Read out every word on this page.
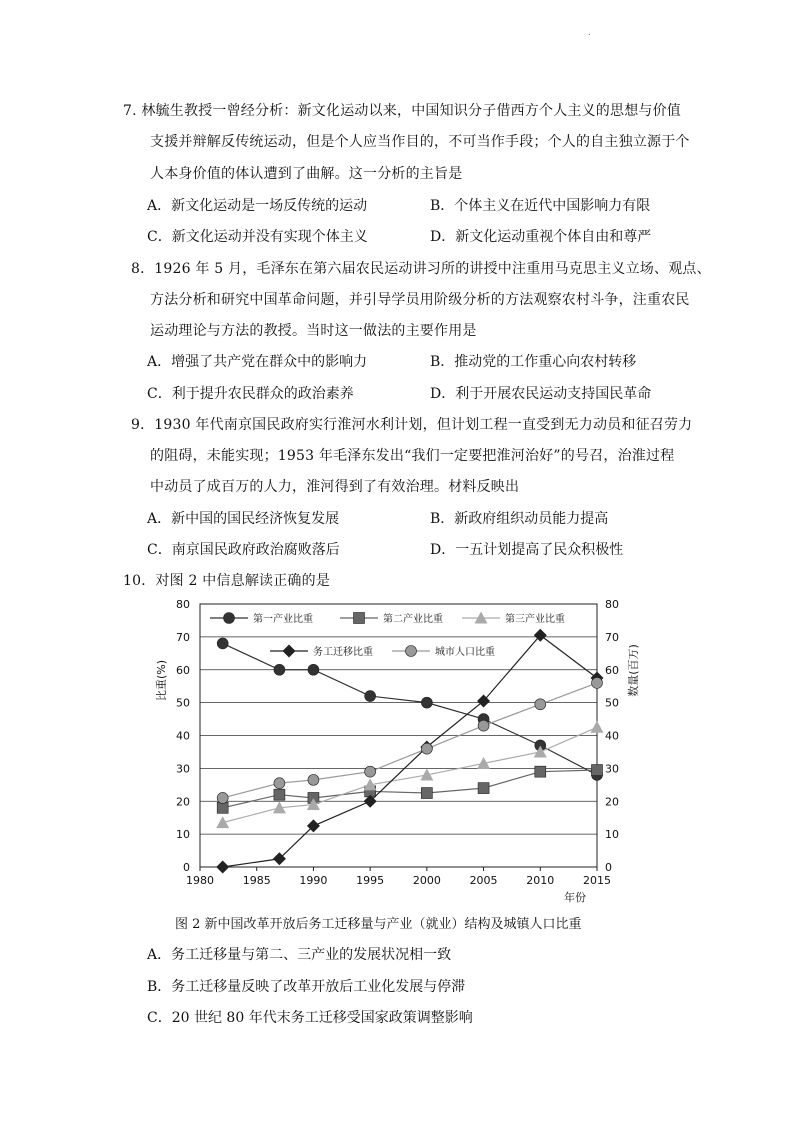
.
7. 林毓生教授一曾经分析：新文化运动以来，中国知识分子借西方个人主义的思想与价值
支援并辩解反传统运动，但是个人应当作目的，不可当作手段；个人的自主独立源于个
人本身价值的体认遭到了曲解。这一分析的主旨是
A．新文化运动是一场反传统的运动	B．个体主义在近代中国影响力有限
C．新文化运动并没有实现个体主义	D．新文化运动重视个体自由和尊严
8．1926 年 5 月，毛泽东在第六届农民运动讲习所的讲授中注重用马克思主义立场、观点、
方法分析和研究中国革命问题，并引导学员用阶级分析的方法观察农村斗争，注重农民
运动理论与方法的教授。当时这一做法的主要作用是
A．增强了共产党在群众中的影响力	B．推动党的工作重心向农村转移
C．利于提升农民群众的政治素养	D．利于开展农民运动支持国民革命
9．1930 年代南京国民政府实行淮河水利计划，但计划工程一直受到无力动员和征召劳力
的阻碍，未能实现；1953 年毛泽东发出“我们一定要把淮河治好”的号召，治淮过程
中动员了成百万的人力，淮河得到了有效治理。材料反映出
A．新中国的国民经济恢复发展	B．新政府组织动员能力提高
C．南京国民政府政治腐败落后	D．一五计划提高了民众积极性
10．对图 2 中信息解读正确的是
0	0
10	10
20	20
30	30
40	40
50	50
60	60
70	70
80	80
1980	1985	1990	1995	2000	2005	2010	2015
年份
比重(%)	数量(百万)
第一产业比重	第二产业比重	第三产业比重
务工迁移比重	城市人口比重
图 2 新中国改革开放后务工迁移量与产业（就业）结构及城镇人口比重
A．务工迁移量与第二、三产业的发展状况相一致
B．务工迁移量反映了改革开放后工业化发展与停滞
C．20 世纪 80 年代末务工迁移受国家政策调整影响
